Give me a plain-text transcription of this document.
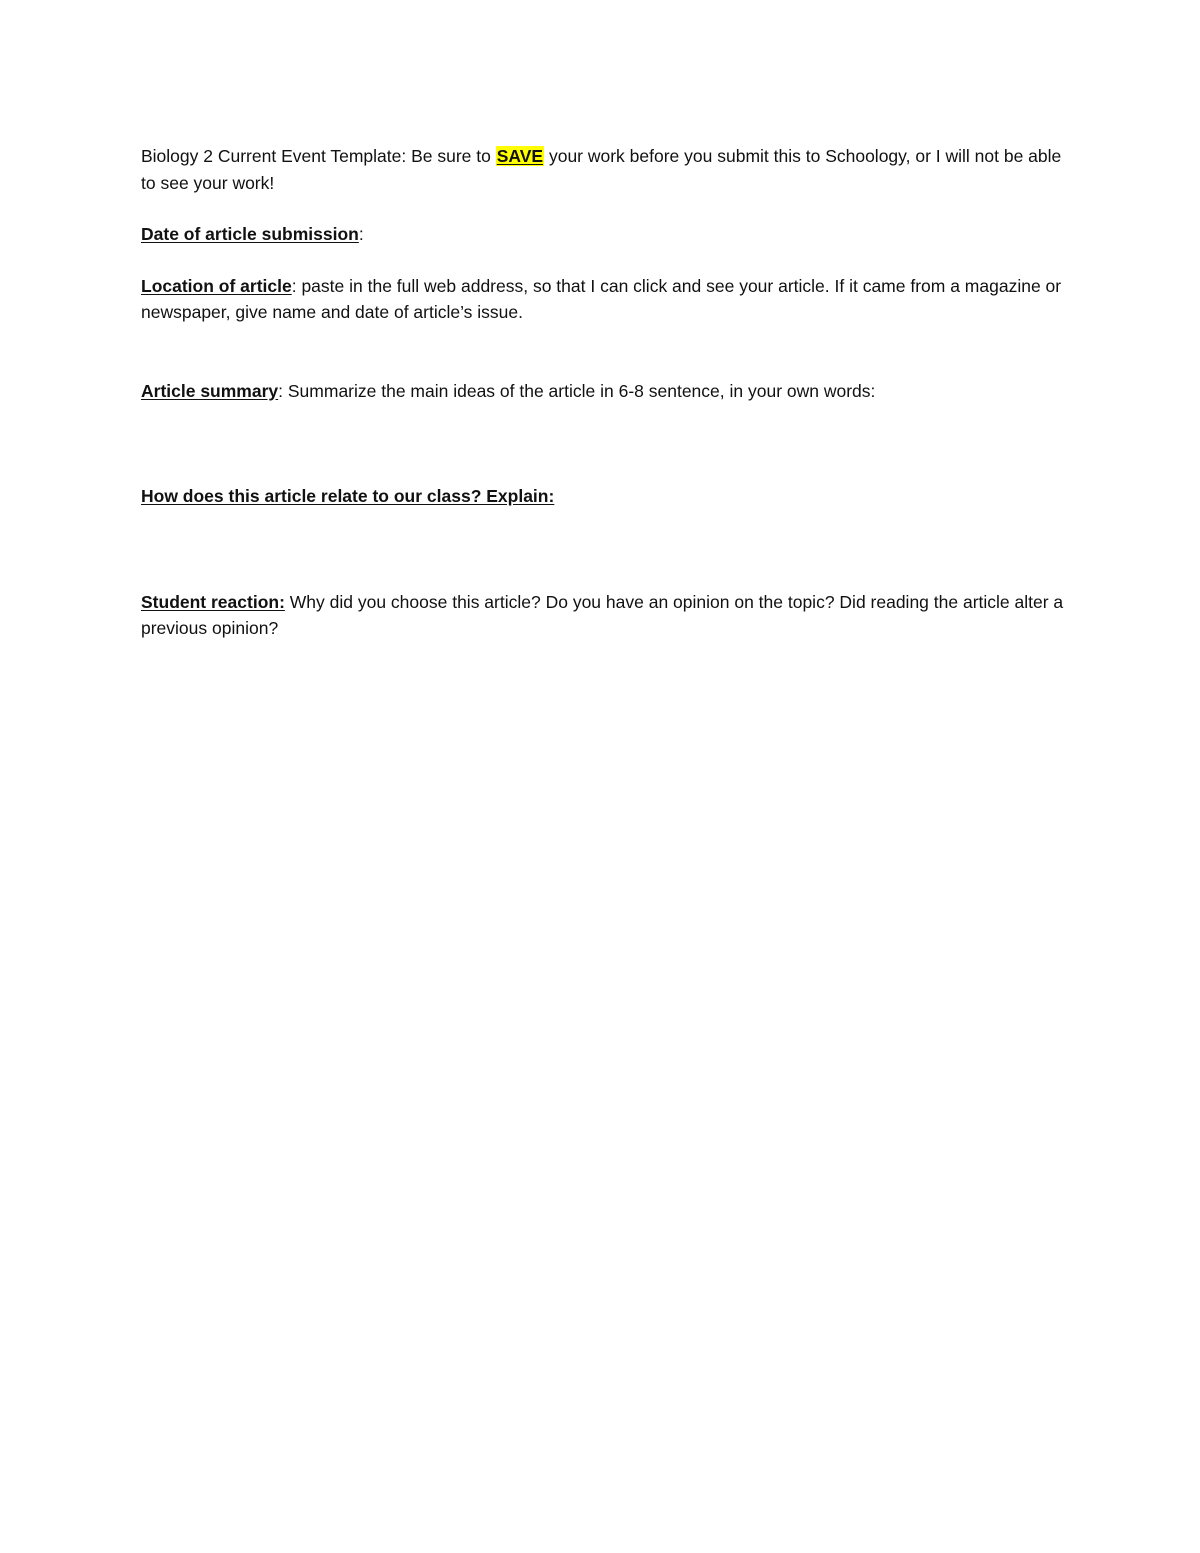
Biology 2 Current Event Template: Be sure to SAVE your work before you submit this to Schoology, or I will not be able to see your work!

Date of article submission:

Location of article: paste in the full web address, so that I can click and see your article. If it came from a magazine or newspaper, give name and date of article’s issue.

Article summary: Summarize the main ideas of the article in 6-8 sentence, in your own words:

How does this article relate to our class? Explain:

Student reaction: Why did you choose this article? Do you have an opinion on the topic? Did reading the article alter a previous opinion?
